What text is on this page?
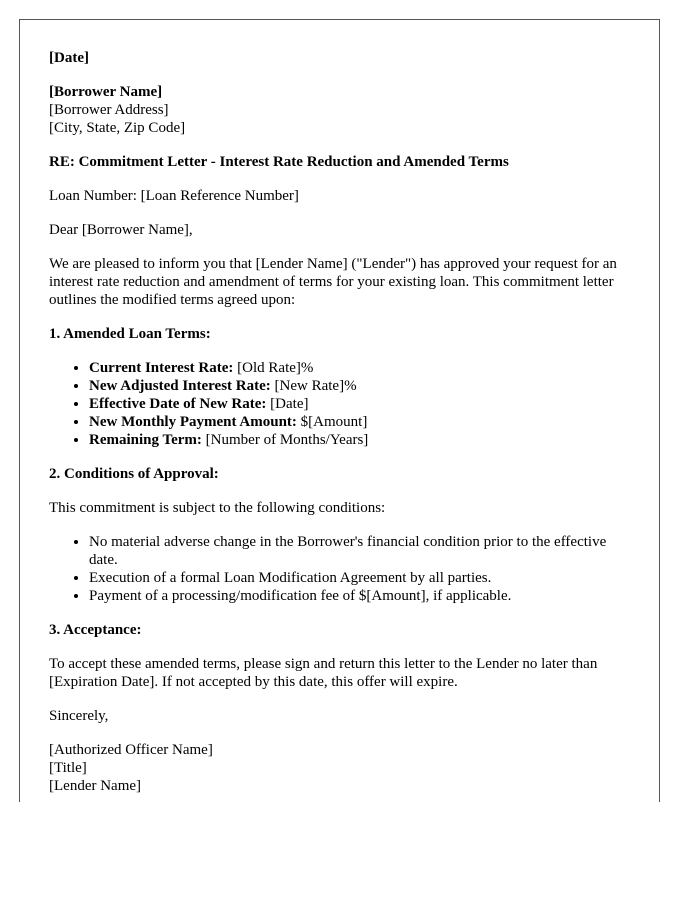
[Date]

[Borrower Name]
[Borrower Address]
[City, State, Zip Code]

RE: Commitment Letter - Interest Rate Reduction and Amended Terms

Loan Number: [Loan Reference Number]

Dear [Borrower Name],

We are pleased to inform you that [Lender Name] ("Lender") has approved your request for an interest rate reduction and amendment of terms for your existing loan. This commitment letter outlines the modified terms agreed upon:

1. Amended Loan Terms:

• Current Interest Rate: [Old Rate]%
• New Adjusted Interest Rate: [New Rate]%
• Effective Date of New Rate: [Date]
• New Monthly Payment Amount: $[Amount]
• Remaining Term: [Number of Months/Years]

2. Conditions of Approval:

This commitment is subject to the following conditions:

• No material adverse change in the Borrower's financial condition prior to the effective date.
• Execution of a formal Loan Modification Agreement by all parties.
• Payment of a processing/modification fee of $[Amount], if applicable.

3. Acceptance:

To accept these amended terms, please sign and return this letter to the Lender no later than [Expiration Date]. If not accepted by this date, this offer will expire.

Sincerely,

[Authorized Officer Name]
[Title]
[Lender Name]
